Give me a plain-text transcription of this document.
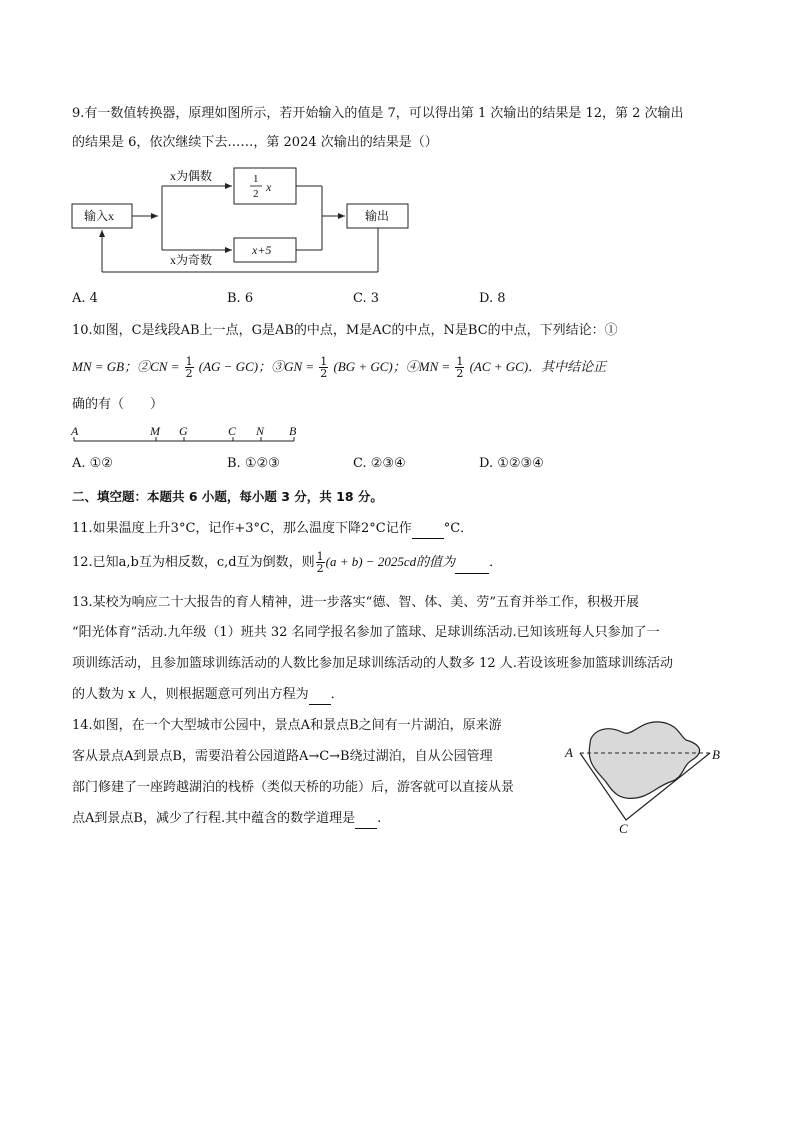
9.有一数值转换器，原理如图所示，若开始输入的值是 7，可以得出第 1 次输出的结果是 12，第 2 次输出
的结果是 6，依次继续下去……，第 2024 次输出的结果是（）
输入x
x为偶数
x为奇数
1
2 x
x+5
输出
A. 4	B. 6	C. 3	D. 8
10.如图，C是线段AB上一点，G是AB的中点，M是AC的中点，N是BC的中点，下列结论：①
MN = GB；②CN = $\frac{1}{2} (AG - GC)$；③GN = $\frac{1}{2} (BG + GC)$；④MN = $\frac{1}{2} (AC + GC)$．其中结论正
确的有（　　）
A	M G	C N B
A. ①②	B. ①②③	C. ②③④	D. ①②③④
二、填空题：本题共 6 小题，每小题 3 分，共 18 分。
11.如果温度上升3°C，记作+3°C，那么温度下降2°C记作 °C．
12.已知a,b互为相反数，c,d互为倒数，则 $\frac{1}{2} (a + b) - 2025cd$的值为	．
13.某校为响应二十大报告的育人精神，进一步落实“德、智、体、美、劳”五育并举工作，积极开展
“阳光体育”活动.九年级（1）班共 32 名同学报名参加了篮球、足球训练活动.已知该班每人只参加了一
项训练活动，且参加篮球训练活动的人数比参加足球训练活动的人数多 12 人.若设该班参加篮球训练活动
的人数为 x 人，则根据题意可列出方程为 ．
14.如图，在一个大型城市公园中，景点A和景点B之间有一片湖泊，原来游
客从景点A到景点B，需要沿着公园道路A→C→B绕过湖泊，自从公园管理
部门修建了一座跨越湖泊的栈桥（类似天桥的功能）后，游客就可以直接从景
点A到景点B，减少了行程.其中蕴含的数学道理是 .
A	B
C
